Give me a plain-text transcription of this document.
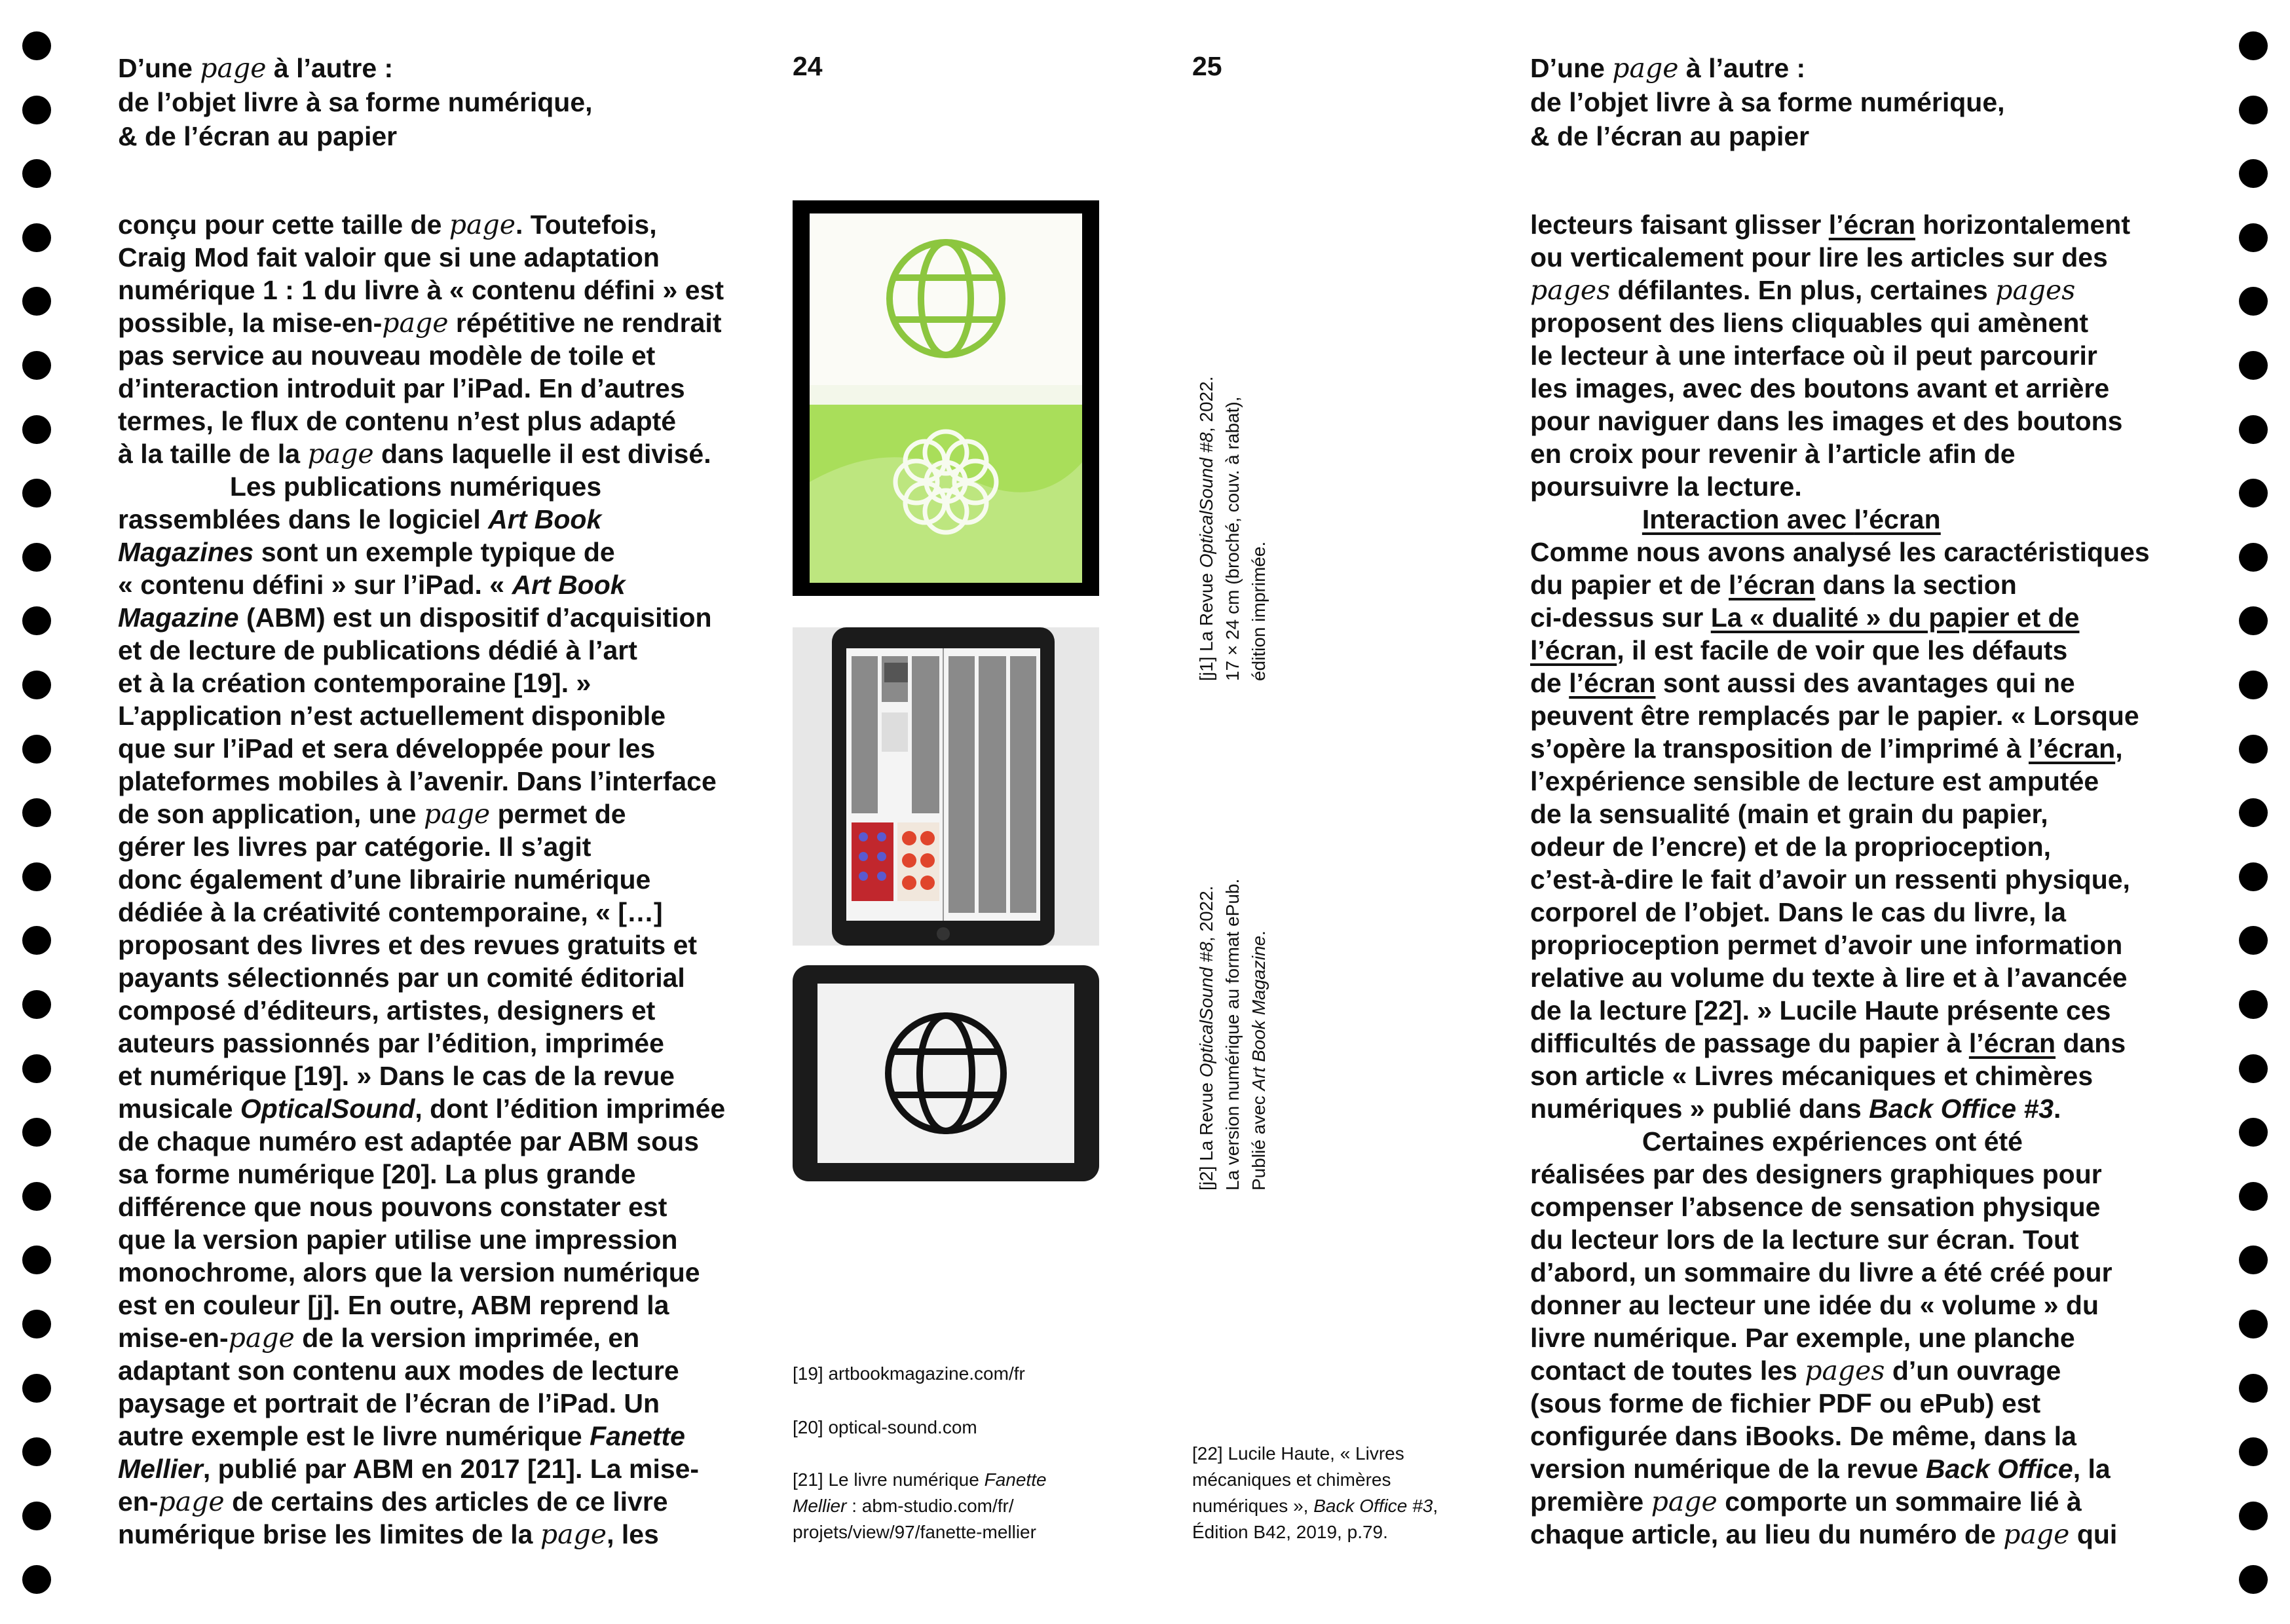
D’une page à l’autre :
de l’objet livre à sa forme numérique,
& de l’écran au papier
24	25	D’une page à l’autre :
de l’objet livre à sa forme numérique,
& de l’écran au papier
conçu pour cette taille de page. Toutefois,
Craig Mod fait valoir que si une adaptation
numérique 1 : 1 du livre à « contenu défini » est
possible, la mise-en-page répétitive ne rendrait
pas service au nouveau modèle de toile et
d’interaction introduit par l’iPad. En d’autres
termes, le flux de contenu n’est plus adapté
à la taille de la page dans laquelle il est divisé.
Les publications numériques
rassemblées dans le logiciel Art Book
Magazines sont un exemple typique de
« contenu défini » sur l’iPad. « Art Book
Magazine (ABM) est un dispositif d’acquisition
et de lecture de publications dédié à l’art
et à la création contemporaine [19]. »
L’application n’est actuellement disponible
que sur l’iPad et sera développée pour les
plateformes mobiles à l’avenir. Dans l’interface
de son application, une page permet de
gérer les livres par catégorie. Il s’agit
donc également d’une librairie numérique
dédiée à la créativité contemporaine, « […]
proposant des livres et des revues gratuits et
payants sélectionnés par un comité éditorial
composé d’éditeurs, artistes, designers et
auteurs passionnés par l’édition, imprimée
et numérique [19]. » Dans le cas de la revue
musicale OpticalSound, dont l’édition imprimée
de chaque numéro est adaptée par ABM sous
sa forme numérique [20]. La plus grande
différence que nous pouvons constater est
que la version papier utilise une impression
monochrome, alors que la version numérique
est en couleur [j]. En outre, ABM reprend la
mise-en-page de la version imprimée, en
adaptant son contenu aux modes de lecture
paysage et portrait de l’écran de l’iPad. Un
autre exemple est le livre numérique Fanette
Mellier, publié par ABM en 2017 [21]. La mise-
en-page de certains des articles de ce livre
numérique brise les limites de la page, les
lecteurs faisant glisser l’écran horizontalement
ou verticalement pour lire les articles sur des
pages défilantes. En plus, certaines pages
proposent des liens cliquables qui amènent
le lecteur à une interface où il peut parcourir
les images, avec des boutons avant et arrière
pour naviguer dans les images et des boutons
en croix pour revenir à l’article afin de
poursuivre la lecture.
Interaction avec l’écran
Comme nous avons analysé les caractéristiques
du papier et de l’écran dans la section
ci-dessus sur La « dualité » du papier et de
l’écran, il est facile de voir que les défauts
de l’écran sont aussi des avantages qui ne
peuvent être remplacés par le papier. « Lorsque
s’opère la transposition de l’imprimé à l’écran,
l’expérience sensible de lecture est amputée
de la sensualité (main et grain du papier,
odeur de l’encre) et de la proprioception,
c’est-à-dire le fait d’avoir un ressenti physique,
corporel de l’objet. Dans le cas du livre, la
proprioception permet d’avoir une information
relative au volume du texte à lire et à l’avancée
de la lecture [22]. » Lucile Haute présente ces
difficultés de passage du papier à l’écran dans
son article « Livres mécaniques et chimères
numériques » publié dans Back Office #3.
Certaines expériences ont été
réalisées par des designers graphiques pour
compenser l’absence de sensation physique
du lecteur lors de la lecture sur écran. Tout
d’abord, un sommaire du livre a été créé pour
donner au lecteur une idée du « volume » du
livre numérique. Par exemple, une planche
contact de toutes les pages d’un ouvrage
(sous forme de fichier PDF ou ePub) est
configurée dans iBooks. De même, dans la
version numérique de la revue Back Office, la
première page comporte un sommaire lié à
chaque article, au lieu du numéro de page qui
[j1] La Revue OpticalSound #8, 2022.
17 × 24 cm (broché, couv. à rabat),
édition imprimée.
[j2] La Revue OpticalSound #8, 2022.
La version numérique au format ePub.
Publié avec Art Book Magazine.
[19] artbookmagazine.com/fr
[20] optical-sound.com
[21] Le livre numérique Fanette
Mellier : abm-studio.com/fr/
projets/view/97/fanette-mellier
[22] Lucile Haute, « Livres
mécaniques et chimères
numériques », Back Office #3,
Édition B42, 2019, p.79.
